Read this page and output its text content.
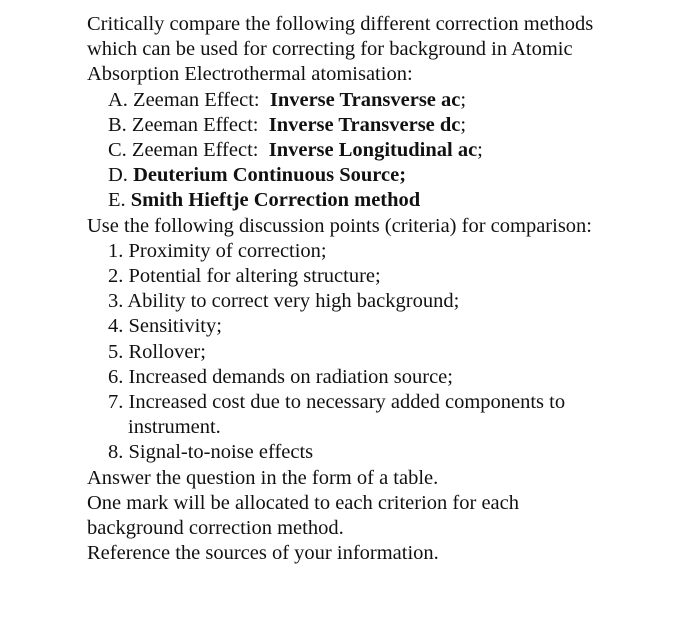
Critically compare the following different correction methods
which can be used for correcting for background in Atomic
Absorption Electrothermal atomisation:
A. Zeeman Effect:  Inverse Transverse ac;
B. Zeeman Effect:  Inverse Transverse dc;
C. Zeeman Effect:  Inverse Longitudinal ac;
D. Deuterium Continuous Source;
E. Smith Hieftje Correction method
Use the following discussion points (criteria) for comparison:
1. Proximity of correction;
2. Potential for altering structure;
3. Ability to correct very high background;
4. Sensitivity;
5. Rollover;
6. Increased demands on radiation source;
7. Increased cost due to necessary added components to
instrument.
8. Signal-to-noise effects
Answer the question in the form of a table.
One mark will be allocated to each criterion for each
background correction method.
Reference the sources of your information.
